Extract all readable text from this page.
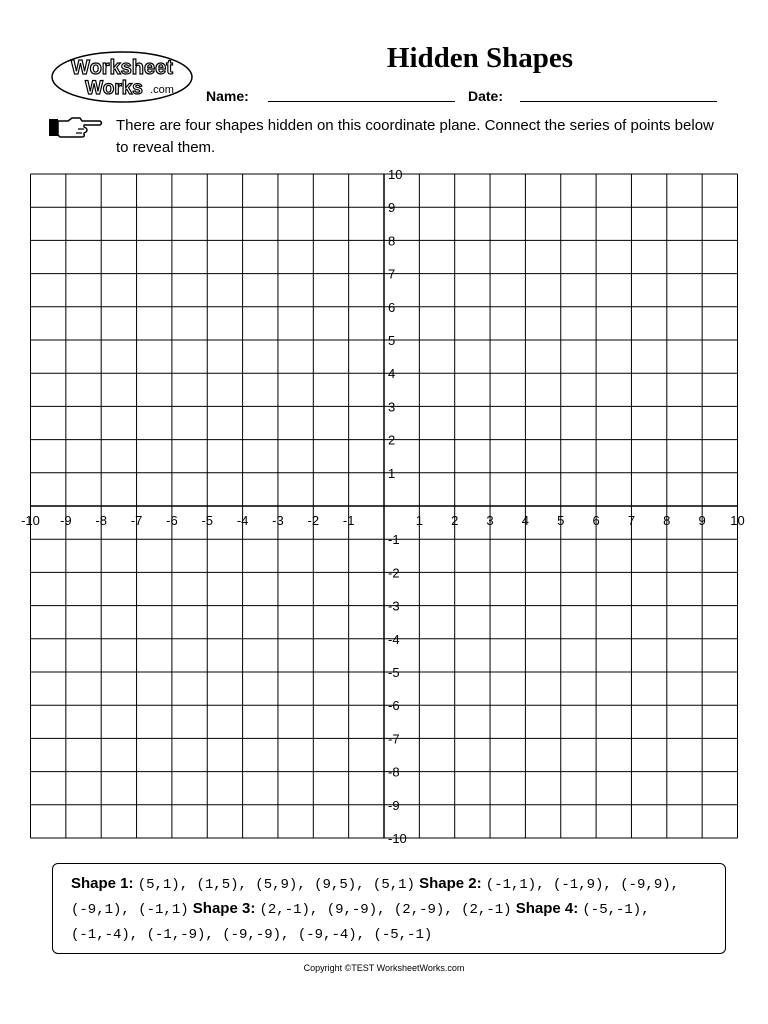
Worksheet
Works .com
Hidden Shapes
Name:	Date:
There are four shapes hidden on this coordinate plane. Connect the series of points below to reveal them.
-10 -9 -8 -7 -6 -5 -4 -3 -2 -1	1 2 3 4 5 6 7 8 9 10
10
9
8
7
6
5
4
3
2
1
-1
-2
-3
-4
-5
-6
-7
-8
-9
-10
Shape 1: (5,1), (1,5), (5,9), (9,5), (5,1) Shape 2: (-1,1), (-1,9), (-9,9), (-9,1), (-1,1) Shape 3: (2,-1), (9,-9), (2,-9), (2,-1) Shape 4: (-5,-1), (-1,-4), (-1,-9), (-9,-9), (-9,-4), (-5,-1)
Copyright ©TEST WorksheetWorks.com
